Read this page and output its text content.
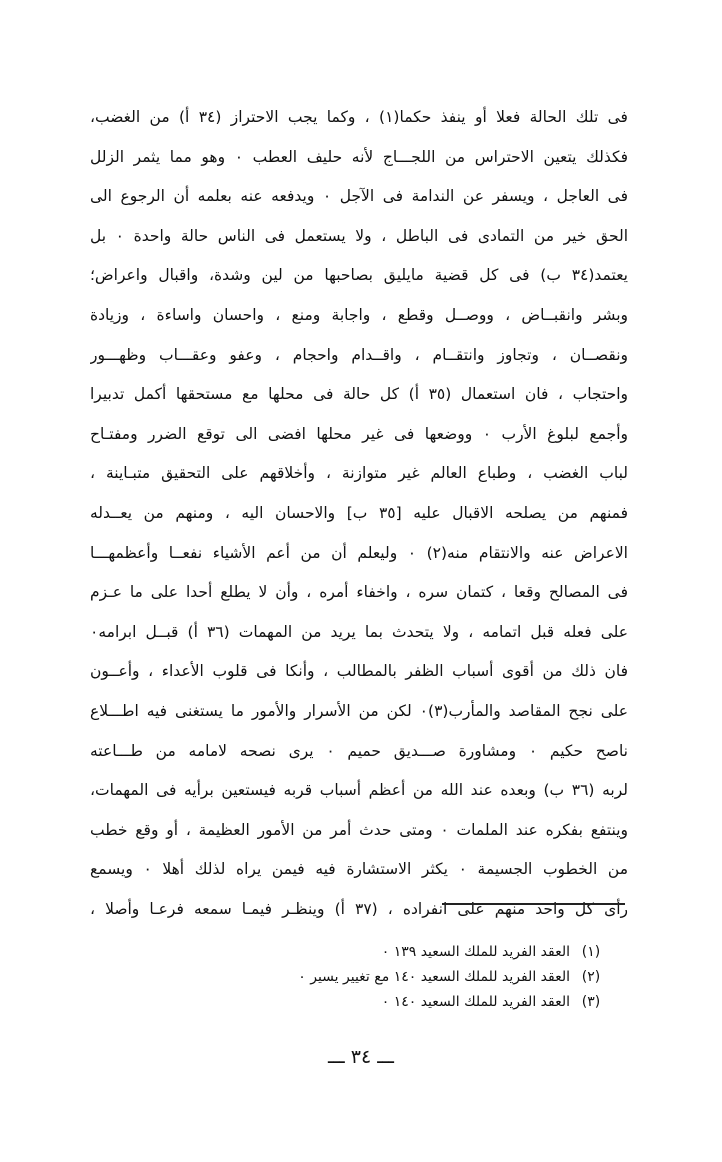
فى تلك الحالة فعلا أو ينفذ حكما(١) ، وكما يجب الاحتراز (٣٤ أ) من الغضب،
فكذلك يتعين الاحتراس من اللجـــاج لأنه حليف العطب ٠ وهو مما يثمر الزلل
فى العاجل ، ويسفر عن الندامة فى الآجل ٠ ويدفعه عنه بعلمه أن الرجوع الى
الحق خير من التمادى فى الباطل ، ولا يستعمل فى الناس حالة واحدة ٠ بل
يعتمد(٣٤ ب) فى كل قضية مايليق بصاحبها من لين وشدة، واقبال واعراض؛
وبشر وانقبــاض ، ووصــل وقطع ، واجابة ومنع ، واحسان واساءة ، وزيادة
ونقصــان ، وتجاوز وانتقــام ، واقــدام واحجام ، وعفو وعقـــاب وظهـــور
واحتجاب ، فان استعمال (٣٥ أ) كل حالة فى محلها مع مستحقها أكمل تدبيرا
وأجمع لبلوغ الأرب ٠ ووضعها فى غير محلها افضى الى توقع الضرر ومفتـاح
لباب الغضب ، وطباع العالم غير متوازنة ، وأخلاقهم على التحقيق متبـاينة ،
فمنهم من يصلحه الاقبال عليه [٣٥ ب] والاحسان اليه ، ومنهم من يعــدله
الاعراض عنه والانتقام منه(٢) ٠ وليعلم أن من أعم الأشياء نفعــا وأعظمهـــا
فى المصالح وقعا ، كتمان سره ، واخفاء أمره ، وأن لا يطلع أحدا على ما عـزم
على فعله قبل اتمامه ، ولا يتحدث بما يريد من المهمات (٣٦ أ) قبــل ابرامه٠
فان ذلك من أقوى أسباب الظفر بالمطالب ، وأنكا فى قلوب الأعداء ، وأعــون
على نجح المقاصد والمأرب(٣)٠ لكن من الأسرار والأمور ما يستغنى فيه اطـــلاع
ناصح حكيم ٠ ومشاورة صـــديق حميم ٠ يرى نصحه لامامه من طـــاعته
لربه (٣٦ ب) وبعده عند الله من أعظم أسباب قربه فيستعين برأيه فى المهمات،
وينتفع بفكره عند الملمات ٠ ومتى حدث أمر من الأمور العظيمة ، أو وقع خطب
من الخطوب الجسيمة ٠ يكثر الاستشارة فيه فيمن يراه لذلك أهلا ٠ ويسمع
رأى كل واحد منهم على انفراده ، (٣٧ أ) وينظـر فيمـا سمعه فرعـا وأصلا ،
(١)
العقد الفريد للملك السعيد ١٣٩ ٠
(٢)
العقد الفريد للملك السعيد ١٤٠ مع تغيير يسير ٠
(٣)
العقد الفريد للملك السعيد ١٤٠ ٠
ـــ ٣٤ ـــ
